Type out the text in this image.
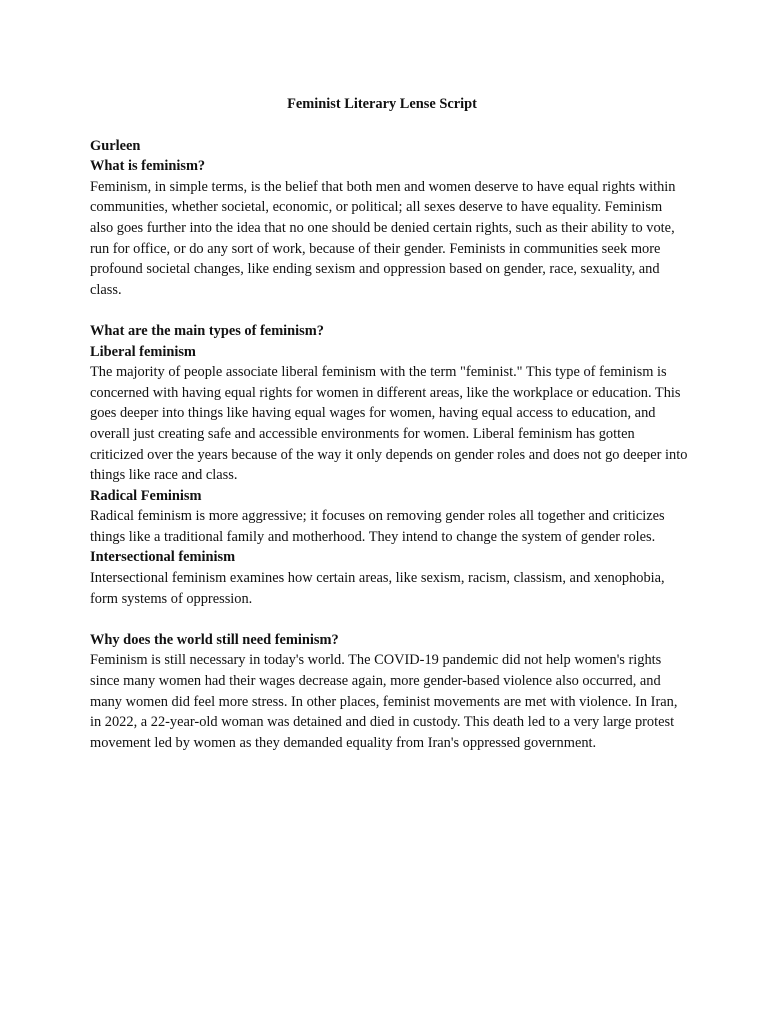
Feminist Literary Lense Script
Gurleen
What is feminism?
Feminism, in simple terms, is the belief that both men and women deserve to have equal rights within communities, whether societal, economic, or political; all sexes deserve to have equality. Feminism also goes further into the idea that no one should be denied certain rights, such as their ability to vote, run for office, or do any sort of work, because of their gender. Feminists in communities seek more profound societal changes, like ending sexism and oppression based on gender, race, sexuality, and class.
What are the main types of feminism?
Liberal feminism
The majority of people associate liberal feminism with the term "feminist." This type of feminism is concerned with having equal rights for women in different areas, like the workplace or education. This goes deeper into things like having equal wages for women, having equal access to education, and overall just creating safe and accessible environments for women. Liberal feminism has gotten criticized over the years because of the way it only depends on gender roles and does not go deeper into things like race and class.
Radical Feminism
Radical feminism is more aggressive; it focuses on removing gender roles all together and criticizes things like a traditional family and motherhood. They intend to change the system of gender roles.
Intersectional feminism
Intersectional feminism examines how certain areas, like sexism, racism, classism, and xenophobia, form systems of oppression.
Why does the world still need feminism?
Feminism is still necessary in today's world. The COVID-19 pandemic did not help women's rights since many women had their wages decrease again, more gender-based violence also occurred, and many women did feel more stress. In other places, feminist movements are met with violence. In Iran, in 2022, a 22-year-old woman was detained and died in custody. This death led to a very large protest movement led by women as they demanded equality from Iran's oppressed government.
